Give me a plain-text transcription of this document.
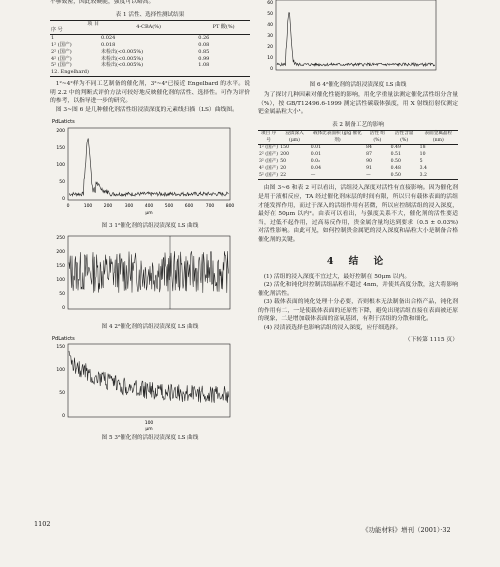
不够致密，因此较硬脆，强度可以略高。
表 1 活性、选择性测试结果
项 目
序 号	4-CBA(%)	PT 酸(%)

1	0.024	0.26
1² (国产)	0.018	0.08
2² (国产)	未检出(<0.005%)	0.85
4² (国产)	未检出(<0.005%)	0.99
5² (国产)	未检出(<0.005%)	1.08
12. Engelhard)		
1²~4²样为不同工艺制备的催化剂，3²~4²已接近 Engelbard 的水平。说明 2.2 中的判断式评价方法可较好地反映催化剂的活性、选择性。可作为评价的参考，以指导进一步的研究。
图 3~图 6 是几种催化剂活性组浸渍深度的元素线扫描（LS）曲线图。
PdLaticts
200
150
100
50
0
0	100	200	300	400	500	600	700	800
μm
图 3 1²催化剂的活组浸渍深度 LS 曲线
250
200
150
100
50
0
图 4 2²催化剂的活组浸渍深度 LS 曲线
PdLaticts
150
100
50
0
100
μm
图 5 3²催化剂的活组浸渍深度 LS 曲线
1102
60
50
40
30
20
10
0
图 6 4²催化剂的活组浸渍深度 LS 曲线
为了探讨几种因素对催化性能的影响，用化学重量法测定催化活性组分含量（%），按 GB/T12496.6-1999 测定活性碳载体强度，用 X 射线衍射仪测定钯金属晶粒大小¹。
表 2 制备工艺的影响
项目 序号	浸渍深入(μm)	载体比表面积 (g/g 催化剂)	活性 组(%)	活性含量 (%)	表面金属晶粒(nm)

1² (国产)	150	0.01	84	0.49	18
2² (国产)	200	0.01	87	0.51	10
3² (国产)	50	0.0₂	90	0.50	5
4² (国产)	20	0.04	91	0.48	3.4
5² (国产)	22	—	—	0.50	3.2
由图 3~6 和表 2 可以看出，活组浸入深度对活性有直接影响。因为催化剂是用于液相反应，TA 经过催化剂床层的时间有限，所以只有载体表面的活组才能发挥作用，而过于深入的活组作用有甚微，所以应控制活组的浸入深度，最好在 50μm 以内²。由表可以看出，与强度关系不大，催化剂的活性要适当，过低不起作用，过高易反作用，贵金属含量均达到要求（0.5 ± 0.03%)对活性影响。由此可见，如何控制贵金属钯的浸入深度和晶粒大小是制备合格催化剂的关键。
4 结 论
(1) 活组的浸入深度不宜过大，最好控制在 50μm 以内。
(2) 活化和钝化时控制活组晶粒不超过 4nm，并使其高度分散，这大将影响催化剂活性。
(3) 载体表面的钝化处理十分必要，否则根本无法制备出合格产品，钝化剂的作用有二，一是使载体表面的还原性下降，避免出现活组直接在表面被还原的现象，二是增加载体表面的富氧基团，有利于活组的分散和细化。
(4) 浸渍液选择也影响活组的浸入深度，应仔细选择。
（下转第 1115 页）
《功能材料》增刊（2001）·32
